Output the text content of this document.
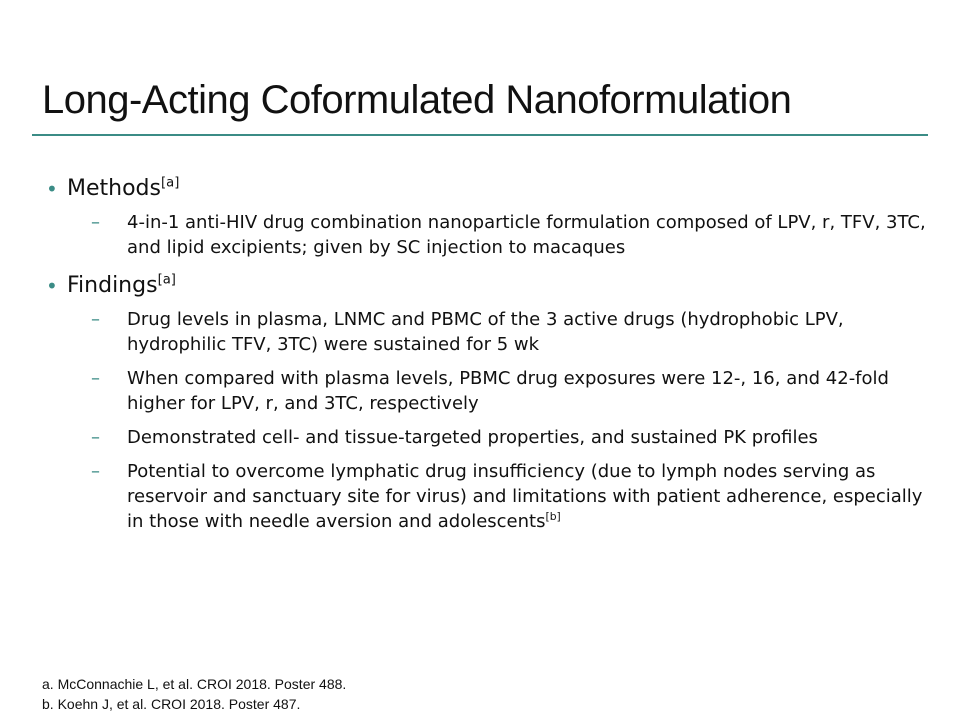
Long-Acting Coformulated Nanoformulation
• Methods[a]
– 4-in-1 anti-HIV drug combination nanoparticle formulation composed of LPV, r, TFV, 3TC, and lipid excipients; given by SC injection to macaques
• Findings[a]
– Drug levels in plasma, LNMC and PBMC of the 3 active drugs (hydrophobic LPV, hydrophilic TFV, 3TC) were sustained for 5 wk
– When compared with plasma levels, PBMC drug exposures were 12-, 16, and 42-fold higher for LPV, r, and 3TC, respectively
– Demonstrated cell- and tissue-targeted properties, and sustained PK profiles
– Potential to overcome lymphatic drug insufficiency (due to lymph nodes serving as reservoir and sanctuary site for virus) and limitations with patient adherence, especially in those with needle aversion and adolescents[b]
a. McConnachie L, et al. CROI 2018. Poster 488.
b. Koehn J, et al. CROI 2018. Poster 487.
